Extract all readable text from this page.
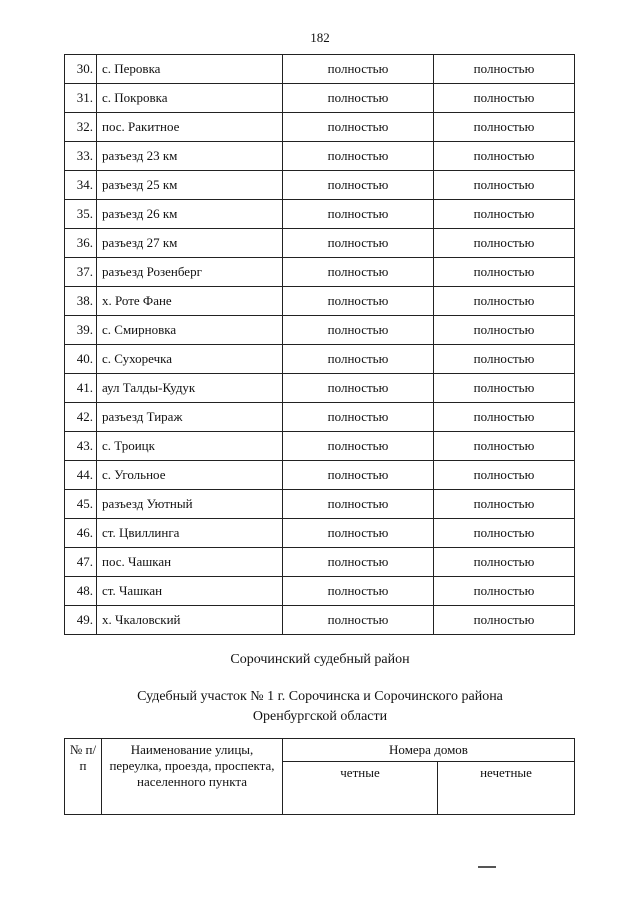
182
30.	с. Перовка	полностью	полностью
31.	с. Покровка	полностью	полностью
32.	пос. Ракитное	полностью	полностью
33.	разъезд 23 км	полностью	полностью
34.	разъезд 25 км	полностью	полностью
35.	разъезд 26 км	полностью	полностью
36.	разъезд 27 км	полностью	полностью
37.	разъезд Розенберг	полностью	полностью
38.	х. Роте Фане	полностью	полностью
39.	с. Смирновка	полностью	полностью
40.	с. Сухоречка	полностью	полностью
41.	аул Талды-Кудук	полностью	полностью
42.	разъезд Тираж	полностью	полностью
43.	с. Троицк	полностью	полностью
44.	с. Угольное	полностью	полностью
45.	разъезд Уютный	полностью	полностью
46.	ст. Цвиллинга	полностью	полностью
47.	пос. Чашкан	полностью	полностью
48.	ст. Чашкан	полностью	полностью
49.	х. Чкаловский	полностью	полностью
Сорочинский судебный район
Судебный участок № 1 г. Сорочинска и Сорочинского района
Оренбургской области
№ п/п	Наименование улицы, переулка, проезда, проспекта, населенного пункта	Номера домов	
		четные	нечетные
